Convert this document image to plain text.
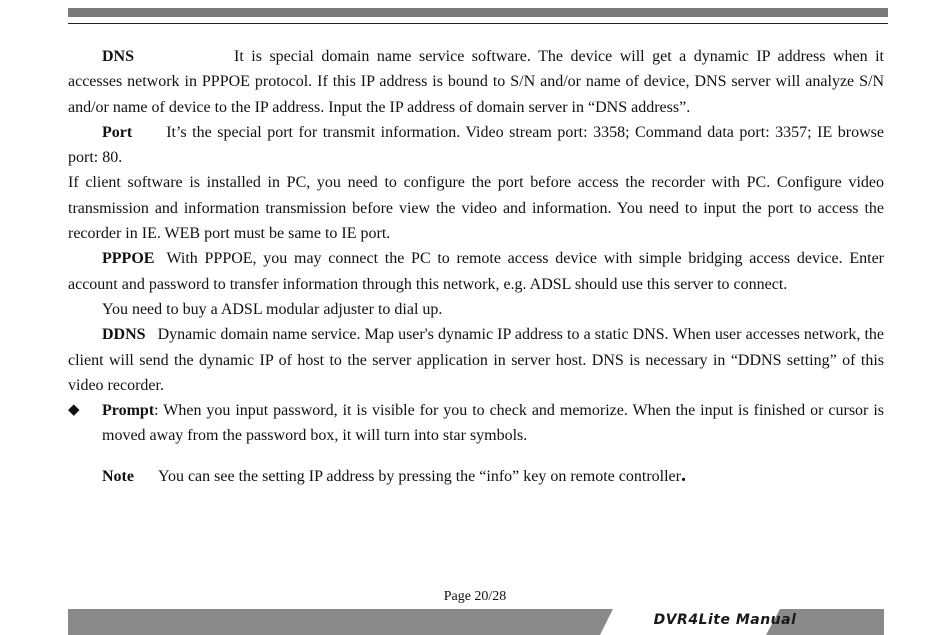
DNS	It is special domain name service software. The device will get a dynamic IP address when it accesses network in PPPOE protocol. If this IP address is bound to S/N and/or name of device, DNS server will analyze S/N and/or name of device to the IP address. Input the IP address of domain server in “DNS address”.

Port It’s the special port for transmit information. Video stream port: 3358; Command data port: 3357; IE browse port: 80.

If client software is installed in PC, you need to configure the port before access the recorder with PC. Configure video transmission and information transmission before view the video and information. You need to input the port to access the recorder in IE. WEB port must be same to IE port.

PPPOE With PPPOE, you may connect the PC to remote access device with simple bridging access device. Enter account and password to transfer information through this network, e.g. ADSL should use this server to connect.

You need to buy a ADSL modular adjuster to dial up.

DDNS Dynamic domain name service. Map user's dynamic IP address to a static DNS. When user accesses network, the client will send the dynamic IP of host to the server application in server host. DNS is necessary in “DDNS setting” of this video recorder.

◆ Prompt: When you input password, it is visible for you to check and memorize. When the input is finished or cursor is moved away from the password box, it will turn into star symbols.

Note You can see the setting IP address by pressing the “info” key on remote controller.

Page 20/28
DVR4Lite Manual
